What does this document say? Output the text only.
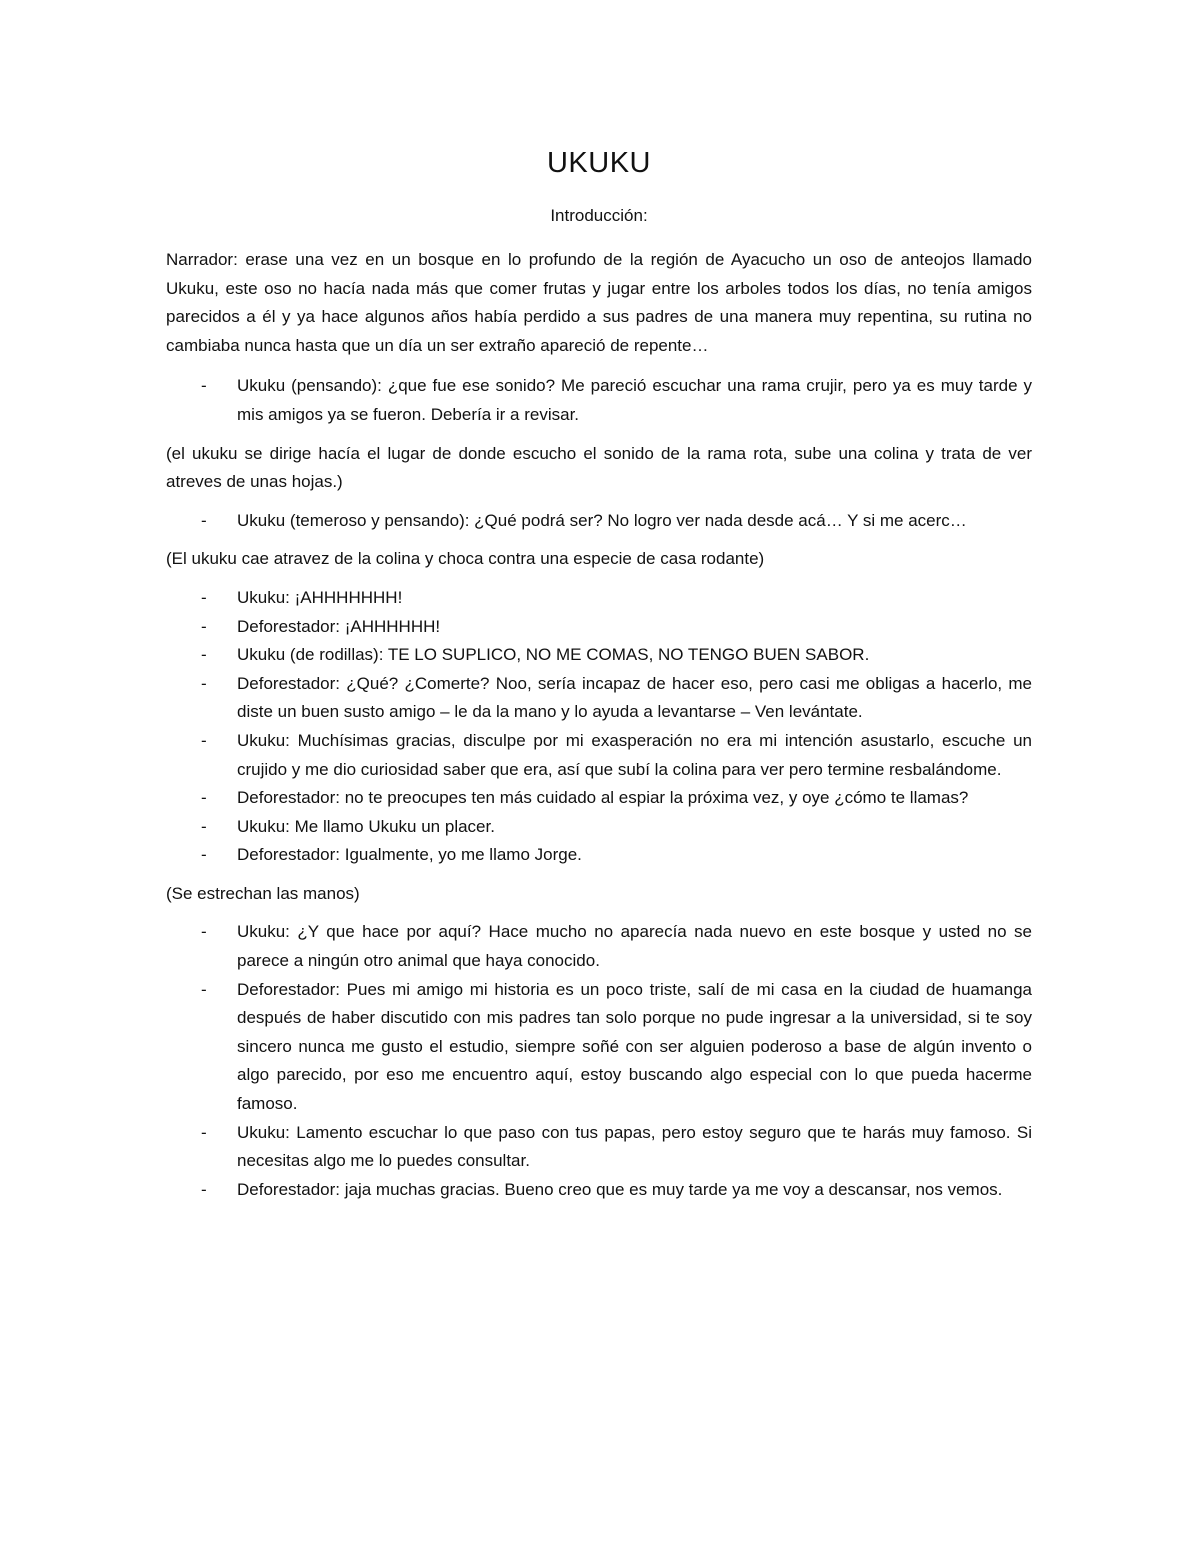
UKUKU

Introducción:

Narrador: erase una vez en un bosque en lo profundo de la región de Ayacucho un oso de anteojos llamado Ukuku, este oso no hacía nada más que comer frutas y jugar entre los arboles todos los días, no tenía amigos parecidos a él y ya hace algunos años había perdido a sus padres de una manera muy repentina, su rutina no cambiaba nunca hasta que un día un ser extraño apareció de repente…

- Ukuku (pensando): ¿que fue ese sonido? Me pareció escuchar una rama crujir, pero ya es muy tarde y mis amigos ya se fueron. Debería ir a revisar.

(el ukuku se dirige hacía el lugar de donde escucho el sonido de la rama rota, sube una colina y trata de ver atreves de unas hojas.)

- Ukuku (temeroso y pensando): ¿Qué podrá ser? No logro ver nada desde acá… Y si me acerc…

(El ukuku cae atravez de la colina y choca contra una especie de casa rodante)

- Ukuku: ¡AHHHHHHH!
- Deforestador: ¡AHHHHHH!
- Ukuku (de rodillas): TE LO SUPLICO, NO ME COMAS, NO TENGO BUEN SABOR.
- Deforestador: ¿Qué? ¿Comerte? Noo, sería incapaz de hacer eso, pero casi me obligas a hacerlo, me diste un buen susto amigo – le da la mano y lo ayuda a levantarse – Ven levántate.
- Ukuku: Muchísimas gracias, disculpe por mi exasperación no era mi intención asustarlo, escuche un crujido y me dio curiosidad saber que era, así que subí la colina para ver pero termine resbalándome.
- Deforestador: no te preocupes ten más cuidado al espiar la próxima vez, y oye ¿cómo te llamas?
- Ukuku: Me llamo Ukuku un placer.
- Deforestador: Igualmente, yo me llamo Jorge.

(Se estrechan las manos)

- Ukuku: ¿Y que hace por aquí? Hace mucho no aparecía nada nuevo en este bosque y usted no se parece a ningún otro animal que haya conocido.
- Deforestador: Pues mi amigo mi historia es un poco triste, salí de mi casa en la ciudad de huamanga después de haber discutido con mis padres tan solo porque no pude ingresar a la universidad, si te soy sincero nunca me gusto el estudio, siempre soñé con ser alguien poderoso a base de algún invento o algo parecido, por eso me encuentro aquí, estoy buscando algo especial con lo que pueda hacerme famoso.
- Ukuku: Lamento escuchar lo que paso con tus papas, pero estoy seguro que te harás muy famoso. Si necesitas algo me lo puedes consultar.
- Deforestador: jaja muchas gracias. Bueno creo que es muy tarde ya me voy a descansar, nos vemos.
